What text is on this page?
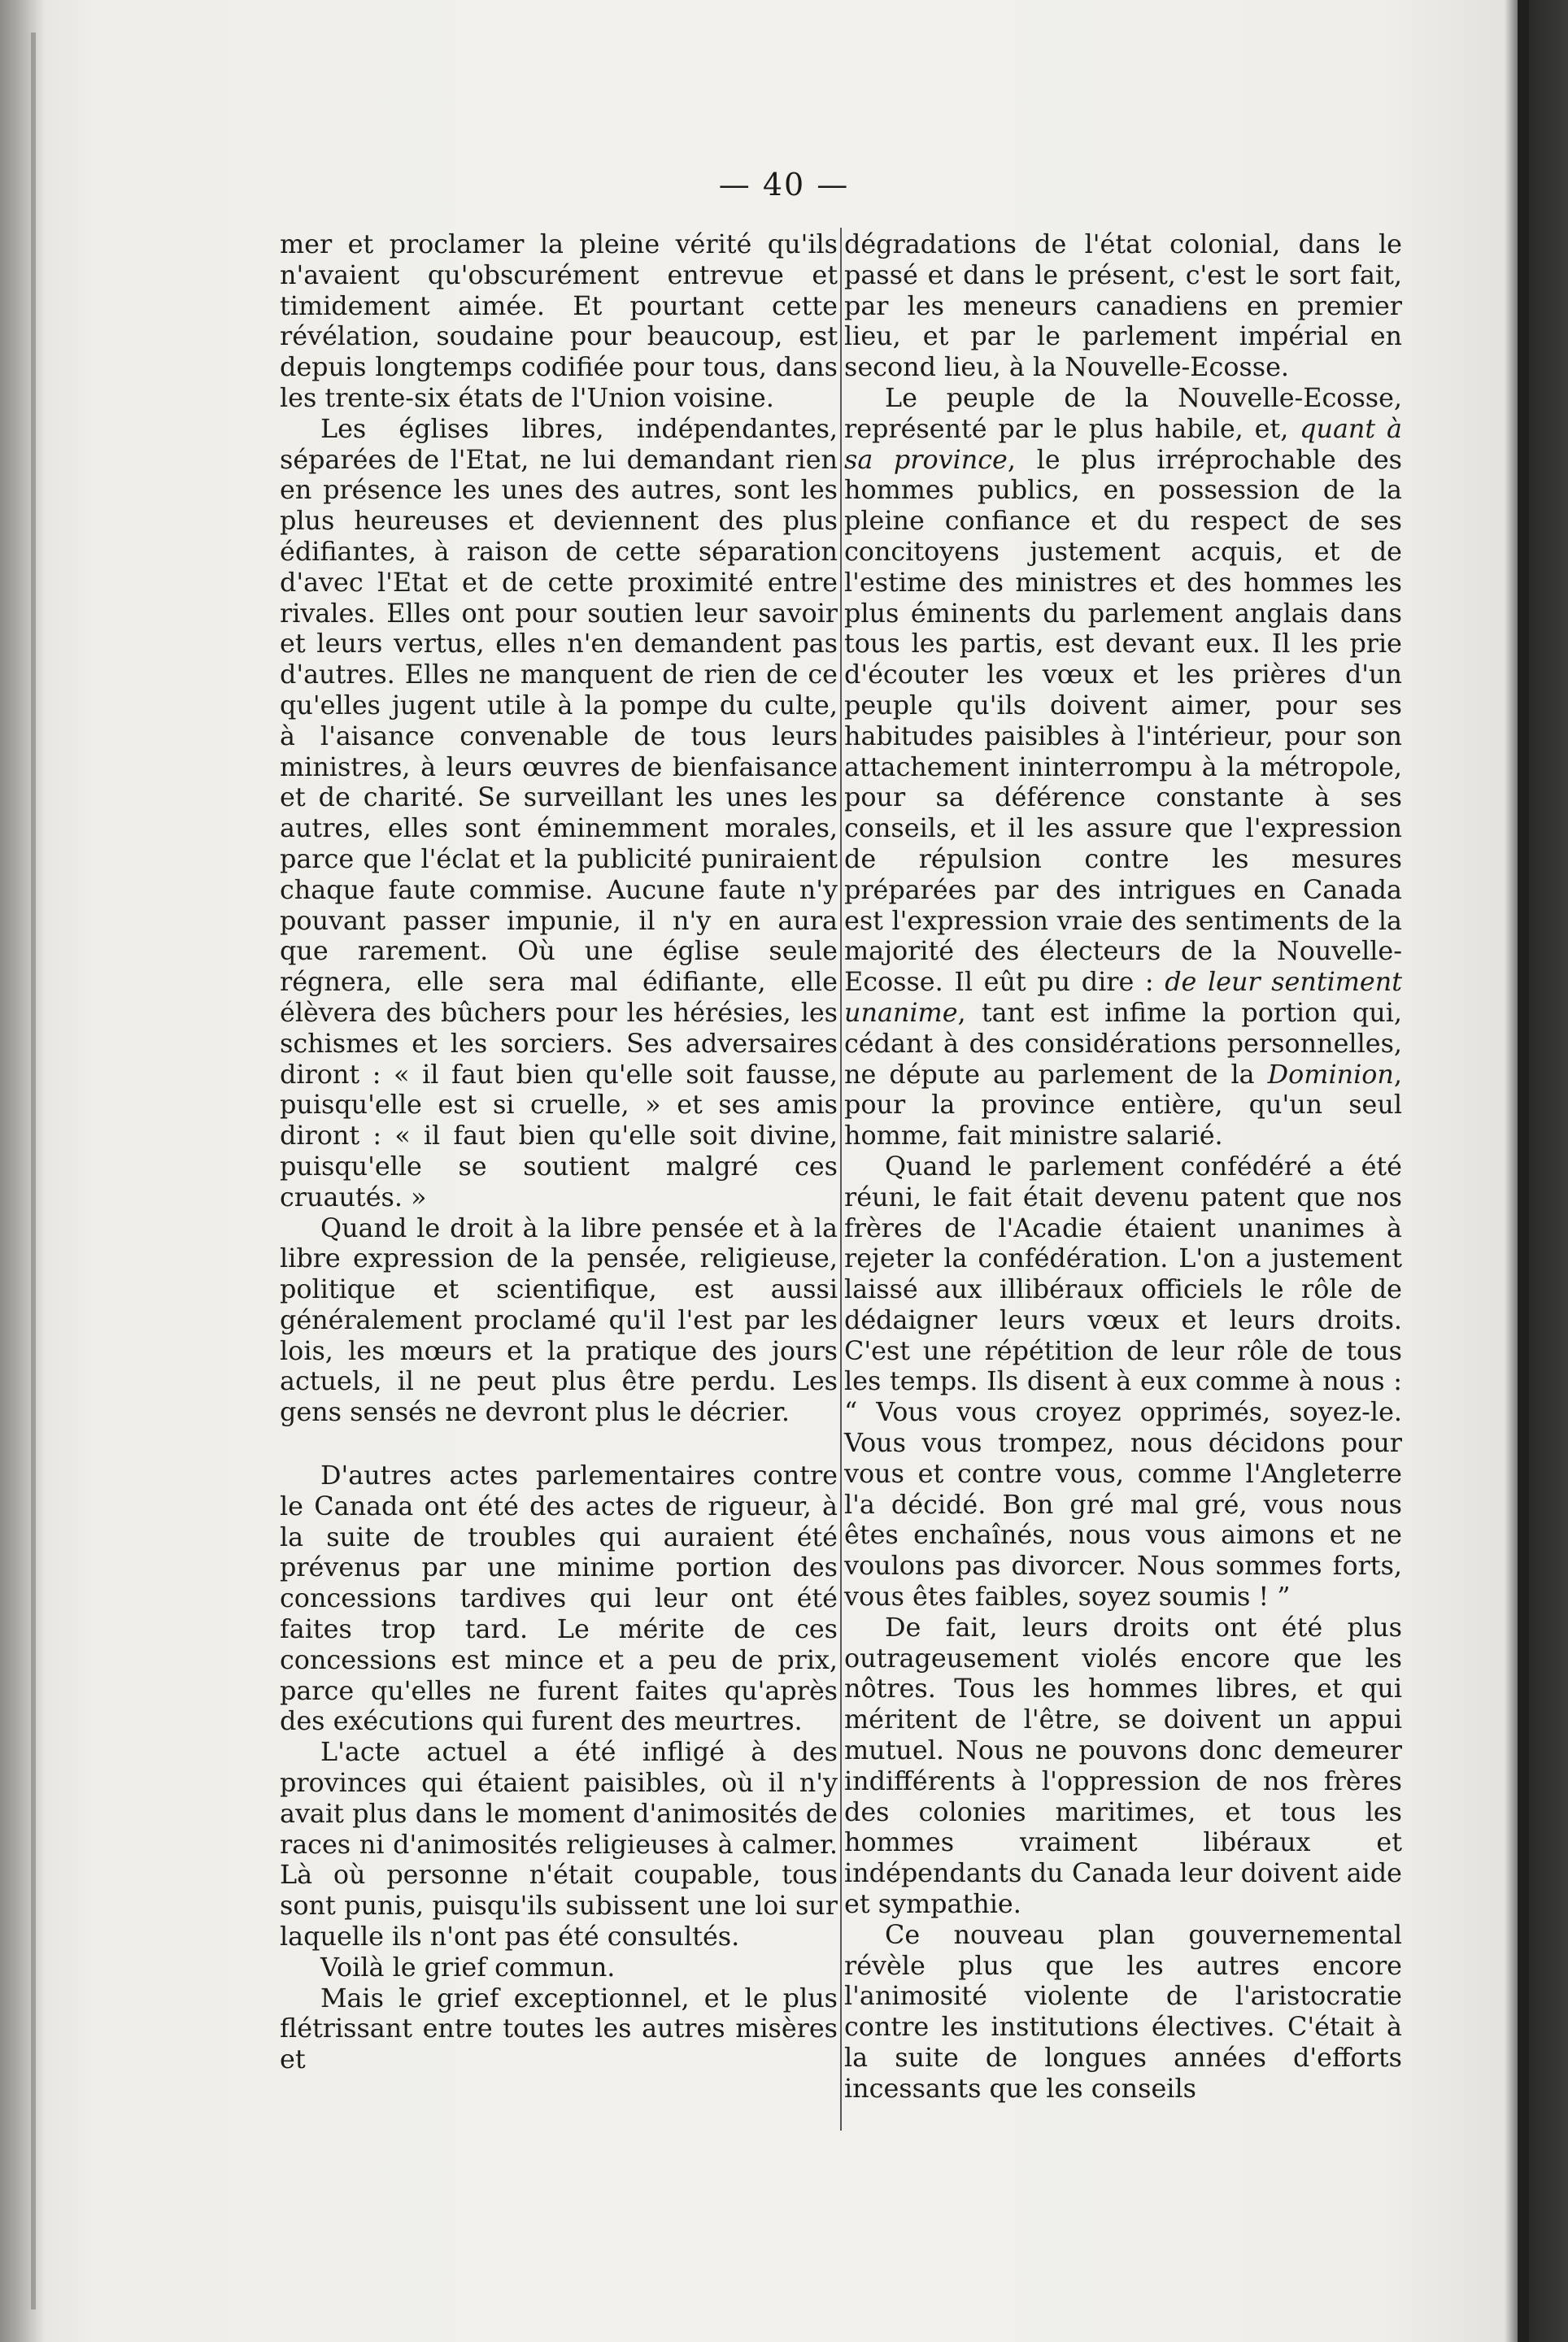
— 40 —

mer et proclamer la pleine vérité qu'ils n'avaient qu'obscurément entrevue et timidement aimée. Et pourtant cette révélation, soudaine pour beaucoup, est depuis longtemps codifiée pour tous, dans les trente-six états de l'Union voisine.

Les églises libres, indépendantes, séparées de l'Etat, ne lui demandant rien en présence les unes des autres, sont les plus heureuses et deviennent des plus édifiantes, à raison de cette séparation d'avec l'Etat et de cette proximité entre rivales. Elles ont pour soutien leur savoir et leurs vertus, elles n'en demandent pas d'autres. Elles ne manquent de rien de ce qu'elles jugent utile à la pompe du culte, à l'aisance convenable de tous leurs ministres, à leurs œuvres de bienfaisance et de charité. Se surveillant les unes les autres, elles sont éminemment morales, parce que l'éclat et la publicité puniraient chaque faute commise. Aucune faute n'y pouvant passer impunie, il n'y en aura que rarement. Où une église seule régnera, elle sera mal édifiante, elle élèvera des bûchers pour les hérésies, les schismes et les sorciers. Ses adversaires diront : « il faut bien qu'elle soit fausse, puisqu'elle est si cruelle, » et ses amis diront : « il faut bien qu'elle soit divine, puisqu'elle se soutient malgré ces cruautés. »

Quand le droit à la libre pensée et à la libre expression de la pensée, religieuse, politique et scientifique, est aussi généralement proclamé qu'il l'est par les lois, les mœurs et la pratique des jours actuels, il ne peut plus être perdu. Les gens sensés ne devront plus le décrier.

D'autres actes parlementaires contre le Canada ont été des actes de rigueur, à la suite de troubles qui auraient été prévenus par une minime portion des concessions tardives qui leur ont été faites trop tard. Le mérite de ces concessions est mince et a peu de prix, parce qu'elles ne furent faites qu'après des exécutions qui furent des meurtres.

L'acte actuel a été infligé à des provinces qui étaient paisibles, où il n'y avait plus dans le moment d'animosités de races ni d'animosités religieuses à calmer. Là où personne n'était coupable, tous sont punis, puisqu'ils subissent une loi sur laquelle ils n'ont pas été consultés.

Voilà le grief commun.

Mais le grief exceptionnel, et le plus flétrissant entre toutes les autres misères et

dégradations de l'état colonial, dans le passé et dans le présent, c'est le sort fait, par les meneurs canadiens en premier lieu, et par le parlement impérial en second lieu, à la Nouvelle-Ecosse.

Le peuple de la Nouvelle-Ecosse, représenté par le plus habile, et, quant à sa province, le plus irréprochable des hommes publics, en possession de la pleine confiance et du respect de ses concitoyens justement acquis, et de l'estime des ministres et des hommes les plus éminents du parlement anglais dans tous les partis, est devant eux. Il les prie d'écouter les vœux et les prières d'un peuple qu'ils doivent aimer, pour ses habitudes paisibles à l'intérieur, pour son attachement ininterrompu à la métropole, pour sa déférence constante à ses conseils, et il les assure que l'expression de répulsion contre les mesures préparées par des intrigues en Canada est l'expression vraie des sentiments de la majorité des électeurs de la Nouvelle-Ecosse. Il eût pu dire : de leur sentiment unanime, tant est infime la portion qui, cédant à des considérations personnelles, ne députe au parlement de la Dominion, pour la province entière, qu'un seul homme, fait ministre salarié.

Quand le parlement confédéré a été réuni, le fait était devenu patent que nos frères de l'Acadie étaient unanimes à rejeter la confédération. L'on a justement laissé aux illibéraux officiels le rôle de dédaigner leurs vœux et leurs droits. C'est une répétition de leur rôle de tous les temps. Ils disent à eux comme à nous : “ Vous vous croyez opprimés, soyez-le. Vous vous trompez, nous décidons pour vous et contre vous, comme l'Angleterre l'a décidé. Bon gré mal gré, vous nous êtes enchaînés, nous vous aimons et ne voulons pas divorcer. Nous sommes forts, vous êtes faibles, soyez soumis ! ”

De fait, leurs droits ont été plus outrageusement violés encore que les nôtres. Tous les hommes libres, et qui méritent de l'être, se doivent un appui mutuel. Nous ne pouvons donc demeurer indifférents à l'oppression de nos frères des colonies maritimes, et tous les hommes vraiment libéraux et indépendants du Canada leur doivent aide et sympathie.

Ce nouveau plan gouvernemental révèle plus que les autres encore l'animosité violente de l'aristocratie contre les institutions électives. C'était à la suite de longues années d'efforts incessants que les conseils
